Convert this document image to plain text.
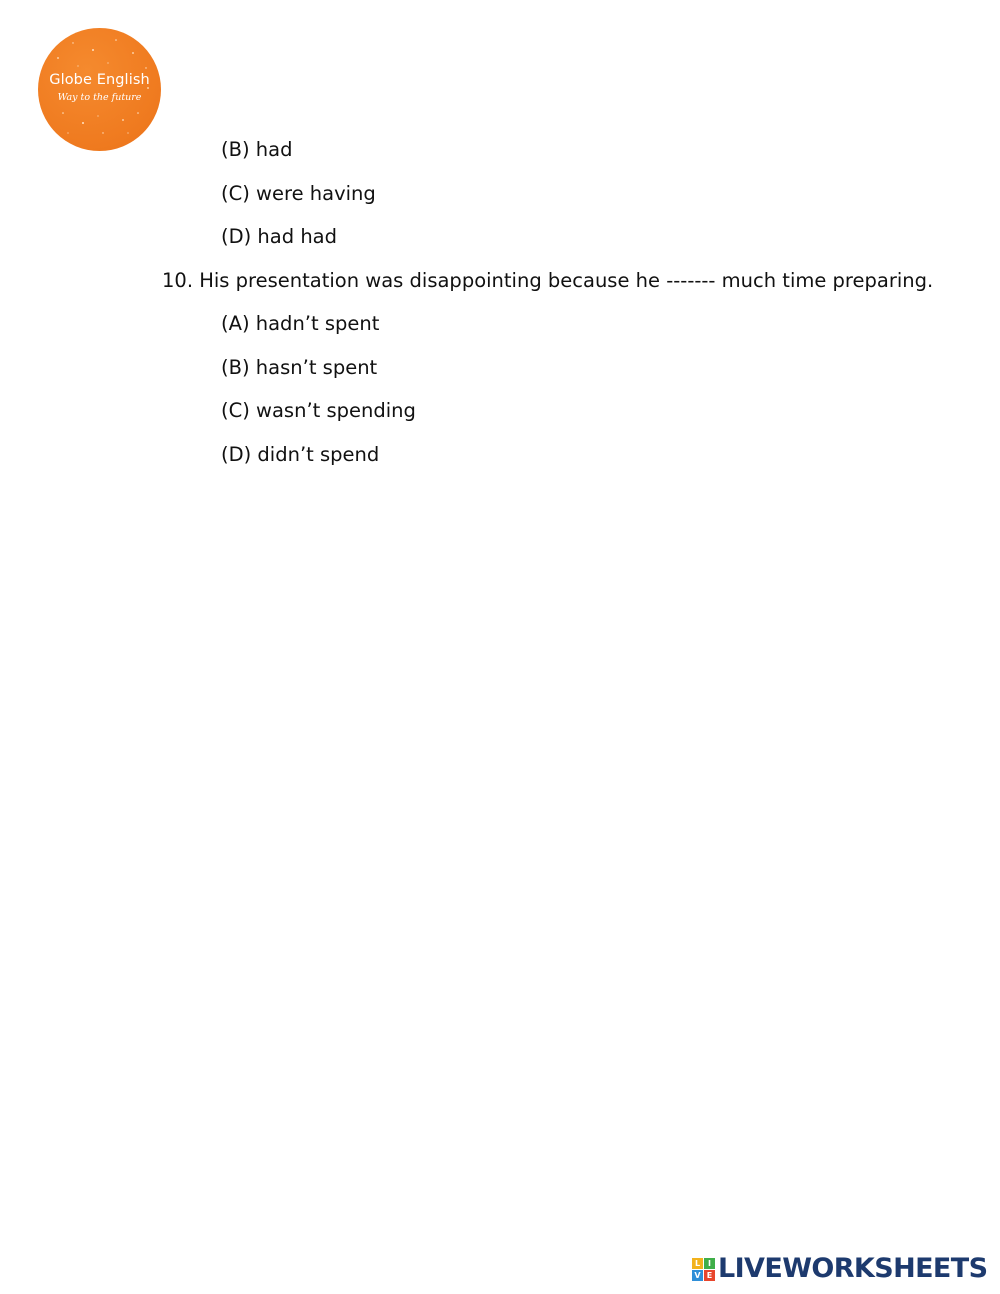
Globe English
Way to the future
(B) had
(C) were having
(D) had had
10. His presentation was disappointing because he ------- much time preparing.
(A) hadn’t spent
(B) hasn’t spent
(C) wasn’t spending
(D) didn’t spend
L I
V E LIVEWORKSHEETS
